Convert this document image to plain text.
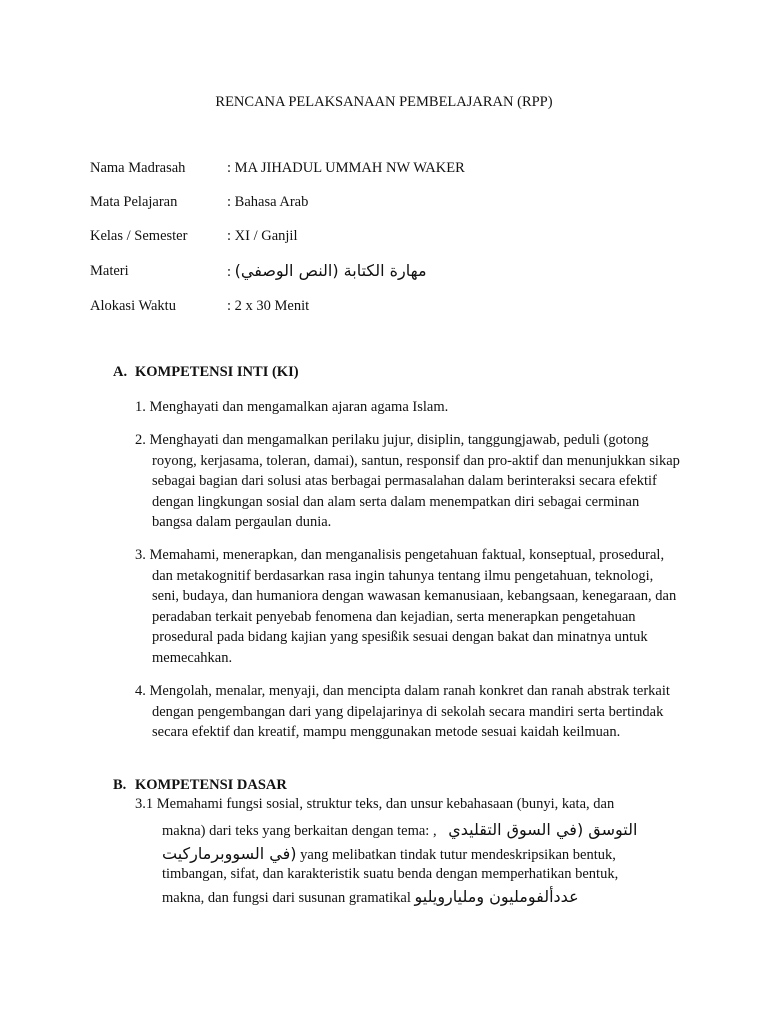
RENCANA PELAKSANAAN PEMBELAJARAN (RPP)
Nama Madrasah	: MA JIHADUL UMMAH NW WAKER
Mata Pelajaran	: Bahasa Arab
Kelas / Semester	: XI / Ganjil
Materi	: مهارة الكتابة (النص الوصفي)
Alokasi Waktu	: 2 x 30 Menit
A. KOMPETENSI INTI (KI)

1. Menghayati dan mengamalkan ajaran agama Islam.

2. Menghayati dan mengamalkan perilaku jujur, disiplin, tanggungjawab, peduli (gotong royong, kerjasama, toleran, damai), santun, responsif dan pro-aktif dan menunjukkan sikap sebagai bagian dari solusi atas berbagai permasalahan dalam berinteraksi secara efektif dengan lingkungan sosial dan alam serta dalam menempatkan diri sebagai cerminan bangsa dalam pergaulan dunia.

3. Memahami, menerapkan, dan menganalisis pengetahuan faktual, konseptual, prosedural, dan metakognitif berdasarkan rasa ingin tahunya tentang ilmu pengetahuan, teknologi, seni, budaya, dan humaniora dengan wawasan kemanusiaan, kebangsaan, kenegaraan, dan peradaban terkait penyebab fenomena dan kejadian, serta menerapkan pengetahuan prosedural pada bidang kajian yang spesißik sesuai dengan bakat dan minatnya untuk memecahkan.

4. Mengolah, menalar, menyaji, dan mencipta dalam ranah konkret dan ranah abstrak terkait dengan pengembangan dari yang dipelajarinya di sekolah secara mandiri serta bertindak secara efektif dan kreatif, mampu menggunakan metode sesuai kaidah keilmuan.

B. KOMPETENSI DASAR
3.1 Memahami fungsi sosial, struktur teks, dan unsur kebahasaan (bunyi, kata, dan
makna) dari teks yang berkaitan dengan tema: , التوسق (في السوق التقليدي
(في السووبرماركيت yang melibatkan tindak tutur mendeskripsikan bentuk,
timbangan, sifat, dan karakteristik suatu benda dengan memperhatikan bentuk,
makna, dan fungsi dari susunan gramatikal عددألفومليون ومليارويليو
